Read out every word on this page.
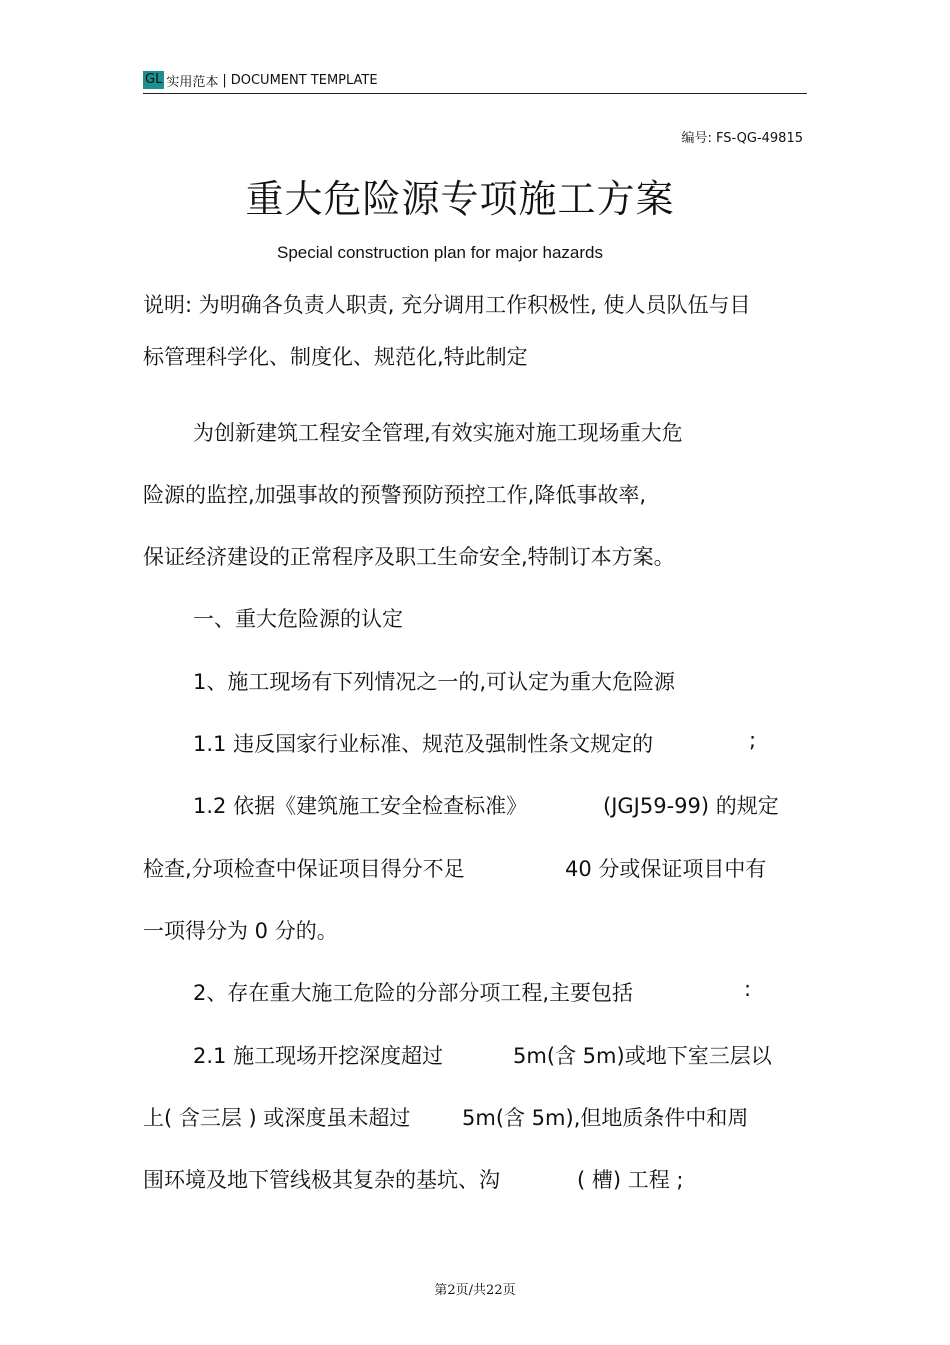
GL 实用范本 | DOCUMENT TEMPLATE
编号: FS-QG-49815
重大危险源专项施工方案
Special construction plan for major hazards
说明: 为明确各负责人职责, 充分调用工作积极性, 使人员队伍与目
标管理科学化、制度化、规范化,特此制定
为创新建筑工程安全管理,有效实施对施工现场重大危
险源的监控,加强事故的预警预防预控工作,降低事故率,
保证经济建设的正常程序及职工生命安全,特制订本方案。
一、重大危险源的认定
1、施工现场有下列情况之一的,可认定为重大危险源
1.1 违反国家行业标准、规范及强制性条文规定的	;
1.2 依据《建筑施工安全检查标准》	(JGJ59-99) 的规定
检查,分项检查中保证项目得分不足	40 分或保证项目中有
一项得分为 0 分的。
2、存在重大施工危险的分部分项工程,主要包括	:
2.1 施工现场开挖深度超过	5m(含 5m)或地下室三层以
上( 含三层 ) 或深度虽未超过 5m(含 5m),但地质条件中和周
围环境及地下管线极其复杂的基坑、沟	( 槽) 工程 ;
第2页/共22页
